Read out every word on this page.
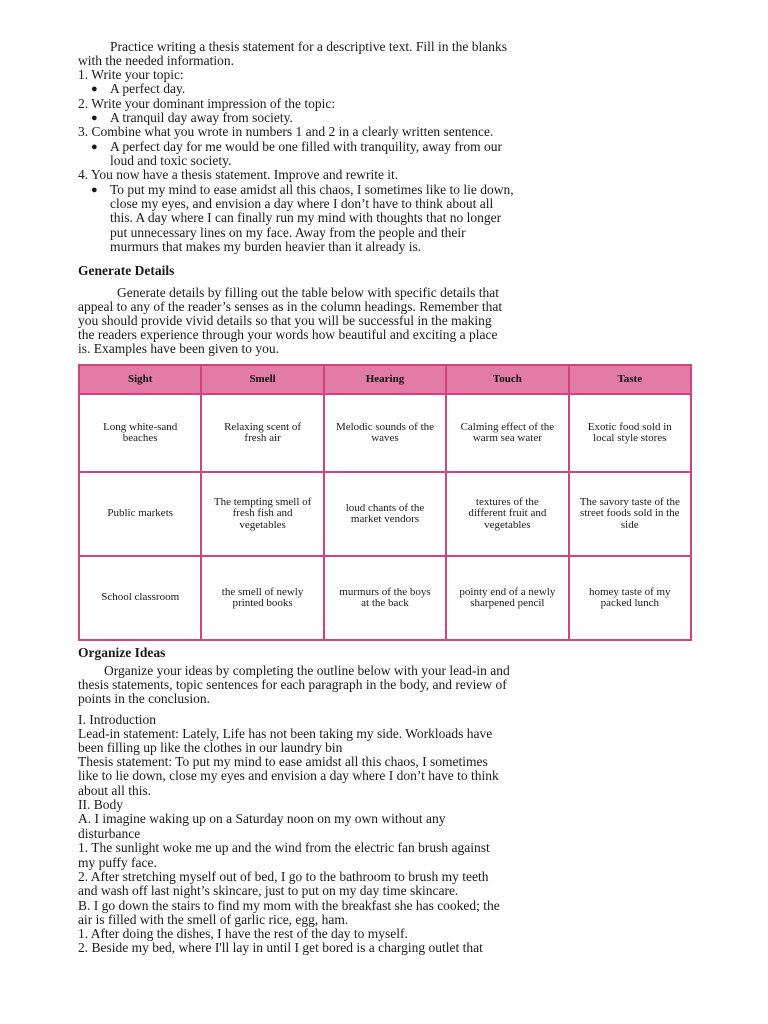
Practice writing a thesis statement for a descriptive text. Fill in the blanks
with the needed information.
1. Write your topic:
● A perfect day.
2. Write your dominant impression of the topic:
● A tranquil day away from society.
3. Combine what you wrote in numbers 1 and 2 in a clearly written sentence.
● A perfect day for me would be one filled with tranquility, away from our
loud and toxic society.
4. You now have a thesis statement. Improve and rewrite it.
● To put my mind to ease amidst all this chaos, I sometimes like to lie down,
close my eyes, and envision a day where I don’t have to think about all
this. A day where I can finally run my mind with thoughts that no longer
put unnecessary lines on my face. Away from the people and their
murmurs that makes my burden heavier than it already is.
Generate Details
Generate details by filling out the table below with specific details that
appeal to any of the reader’s senses as in the column headings. Remember that
you should provide vivid details so that you will be successful in the making
the readers experience through your words how beautiful and exciting a place
is. Examples have been given to you.
Sight	Smell	Hearing	Touch	Taste
Long white-sand beaches	Relaxing scent of fresh air	Melodic sounds of the waves	Calming effect of the warm sea water	Exotic food sold in local style stores
Public markets	The tempting smell of fresh fish and vegetables	loud chants of the market vendors	textures of the different fruit and vegetables	The savory taste of the street foods sold in the side
School classroom	the smell of newly printed books	murmurs of the boys at the back	pointy end of a newly sharpened pencil	homey taste of my packed lunch
Organize Ideas
Organize your ideas by completing the outline below with your lead-in and
thesis statements, topic sentences for each paragraph in the body, and review of
points in the conclusion.
I. Introduction
Lead-in statement: Lately, Life has not been taking my side. Workloads have
been filling up like the clothes in our laundry bin
Thesis statement: To put my mind to ease amidst all this chaos, I sometimes
like to lie down, close my eyes and envision a day where I don’t have to think
about all this.
II. Body
A. I imagine waking up on a Saturday noon on my own without any
disturbance
1. The sunlight woke me up and the wind from the electric fan brush against
my puffy face.
2. After stretching myself out of bed, I go to the bathroom to brush my teeth
and wash off last night’s skincare, just to put on my day time skincare.
B. I go down the stairs to find my mom with the breakfast she has cooked; the
air is filled with the smell of garlic rice, egg, ham.
1. After doing the dishes, I have the rest of the day to myself.
2. Beside my bed, where I'll lay in until I get bored is a charging outlet that
